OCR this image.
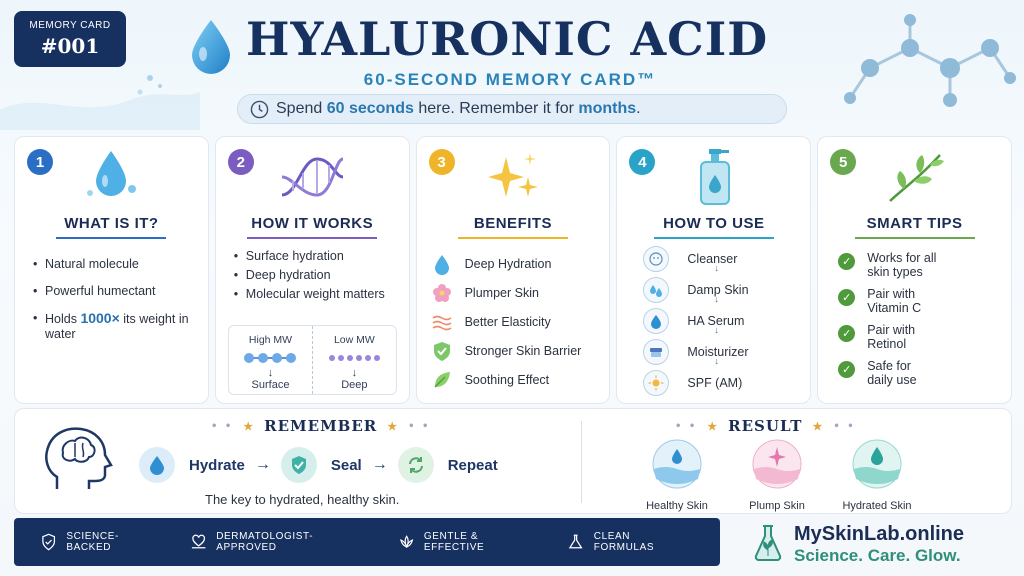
MEMORY CARD
#001	HYALURONIC ACID
60-SECOND MEMORY CARD™
Spend 60 seconds here. Remember it for months.
1
WHAT IS IT?
• Natural molecule
• Powerful humectant
• Holds 1000× its weight in water
2
HOW IT WORKS
• Surface hydration
• Deep hydration
• Molecular weight matters
High MW
↓
Surface
Low MW
↓
Deep
3
BENEFITS
Deep Hydration
Plumper Skin
Better Elasticity
Stronger Skin Barrier
Soothing Effect
4
HOW TO USE
Cleanser
↓
Damp Skin
↓
HA Serum
↓
Moisturizer
↓
SPF (AM)
5
SMART TIPS
✓	Works for all skin types
✓	Pair with Vitamin C
✓	Pair with Retinol
✓	Safe for daily use
• • ★ REMEMBER ★ • •
Hydrate →	Seal →	Repeat
The key to hydrated, healthy skin.
• • ★ RESULT ★ • •
Healthy Skin	Plump Skin	Hydrated Skin
SCIENCE-BACKED
DERMATOLOGIST-APPROVED
GENTLE & EFFECTIVE
CLEAN FORMULAS
MySkinLab.online
Science. Care. Glow.
